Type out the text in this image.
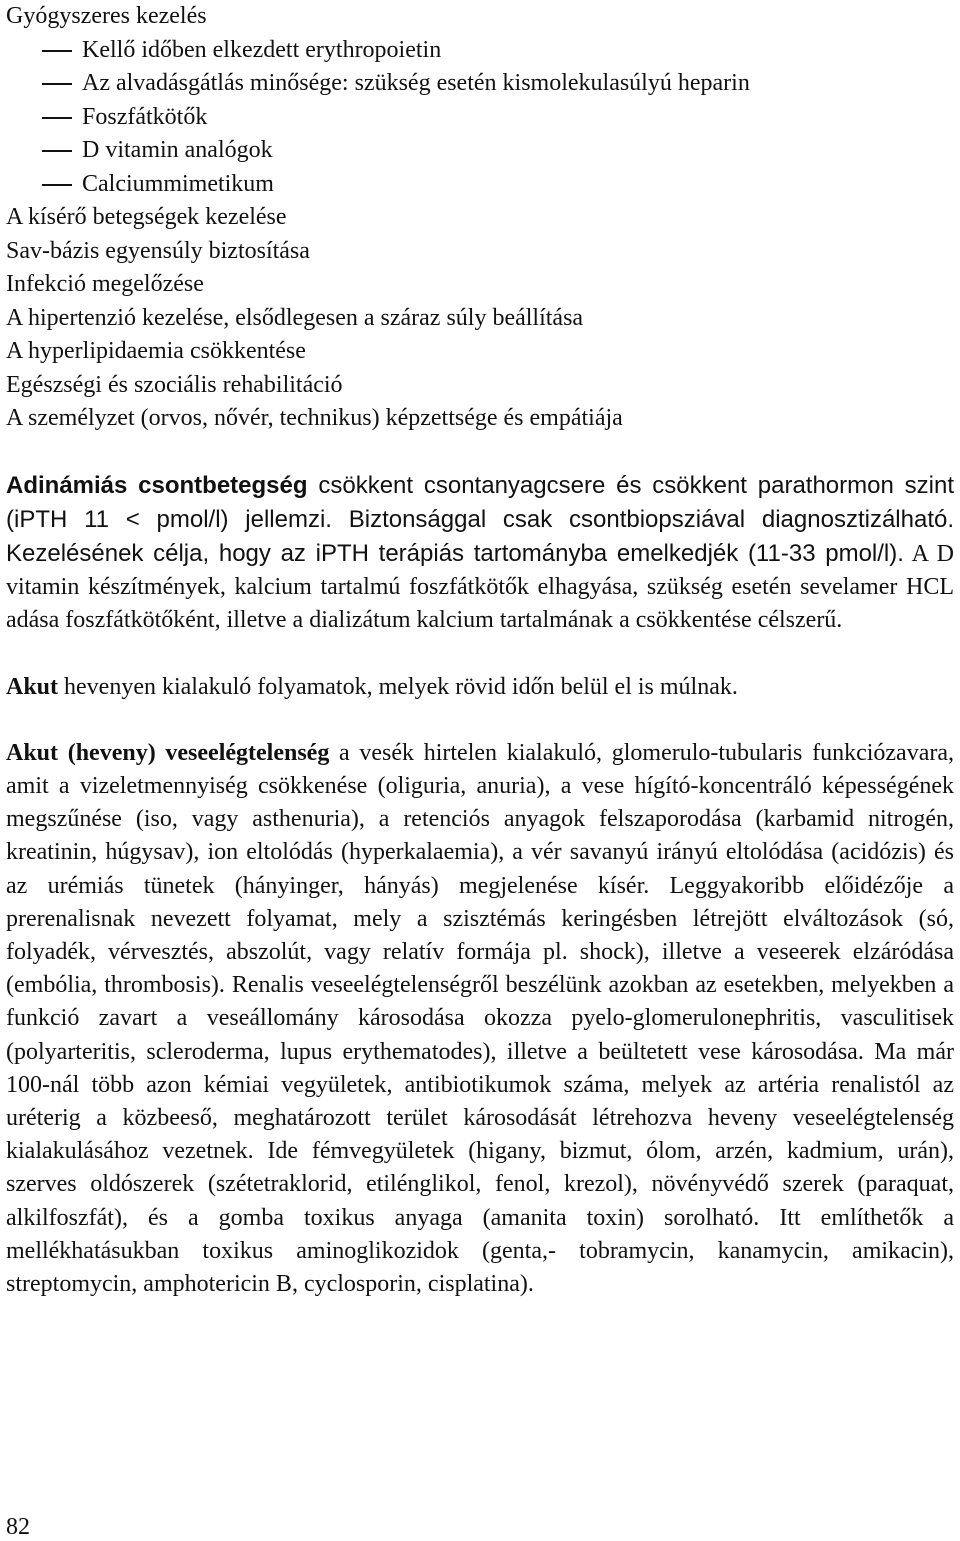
Gyógyszeres kezelés
Kellő időben elkezdett erythropoietin
Az alvadásgátlás minősége: szükség esetén kismolekulasúlyú heparin
Foszfátkötők
D vitamin analógok
Calciummimetikum
A kísérő betegségek kezelése
Sav-bázis egyensúly biztosítása
Infekció megelőzése
A hipertenzió kezelése, elsődlegesen a száraz súly beállítása
A hyperlipidaemia csökkentése
Egészségi és szociális rehabilitáció
A személyzet (orvos, nővér, technikus) képzettsége és empátiája

Adinámiás csontbetegség csökkent csontanyagcsere és csökkent parathormon szint (iPTH 11 < pmol/l) jellemzi. Biztonsággal csak csontbiopsziával diagnosztizálható. Kezelésének célja, hogy az iPTH terápiás tartományba emelkedjék (11-33 pmol/l). A D vitamin készítmények, kalcium tartalmú foszfátkötők elhagyása, szükség esetén sevelamer HCL adása foszfátkötőként, illetve a dializátum kalcium tartalmának a csökkentése célszerű.

Akut hevenyen kialakuló folyamatok, melyek rövid időn belül el is múlnak.

Akut (heveny) veseelégtelenség a vesék hirtelen kialakuló, glomerulo-tubularis funkciózavara, amit a vizeletmennyiség csökkenése (oliguria, anuria), a vese hígító-koncentráló képességének megszűnése (iso, vagy asthenuria), a retenciós anyagok felszaporodása (karbamid nitrogén, kreatinin, húgysav), ion eltolódás (hyperkalaemia), a vér savanyú irányú eltolódása (acidózis) és az urémiás tünetek (hányinger, hányás) megjelenése kísér. Leggyakoribb előidézője a prerenalisnak nevezett folyamat, mely a szisztémás keringésben létrejött elváltozások (só, folyadék, vérvesztés, abszolút, vagy relatív formája pl. shock), illetve a veseerek elzáródása (embólia, thrombosis). Renalis veseelégtelenségről beszélünk azokban az esetekben, melyekben a funkció zavart a veseállomány károsodása okozza pyelo-glomerulonephritis, vasculitisek (polyarteritis, scleroderma, lupus erythematodes), illetve a beültetett vese károsodása. Ma már 100-nál több azon kémiai vegyületek, antibiotikumok száma, melyek az artéria renalistól az uréterig a közbeeső, meghatározott terület károsodását létrehozva heveny veseelégtelenség kialakulásához vezetnek. Ide fémvegyületek (higany, bizmut, ólom, arzén, kadmium, urán), szerves oldószerek (szétetraklorid, etilénglikol, fenol, krezol), növényvédő szerek (paraquat, alkilfoszfát), és a gomba toxikus anyaga (amanita toxin) sorolható. Itt említhetők a mellékhatásukban toxikus aminoglikozidok (genta,- tobramycin, kanamycin, amikacin), streptomycin, amphotericin B, cyclosporin, cisplatina).

82
